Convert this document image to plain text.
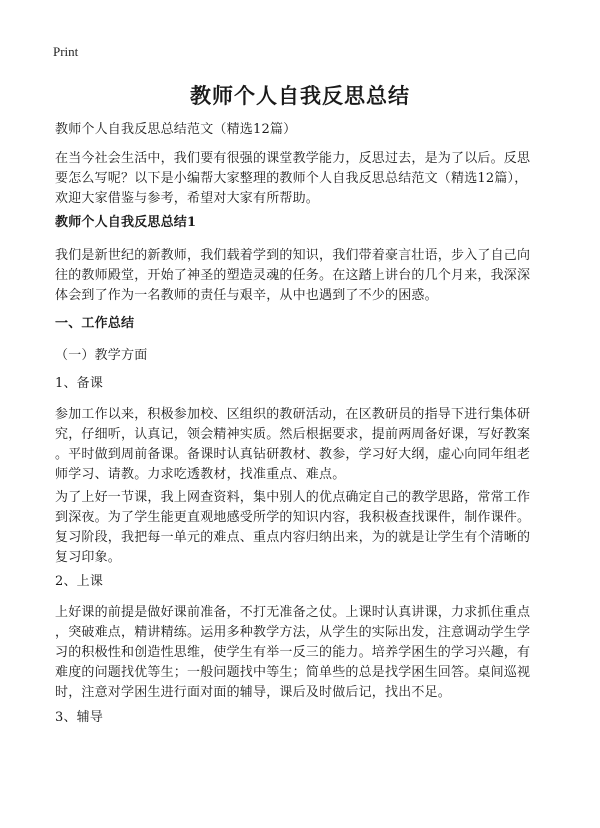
Print
教师个人自我反思总结
教师个人自我反思总结范文（精选12篇）
在当今社会生活中，我们要有很强的课堂教学能力，反思过去，是为了以后。反思
要怎么写呢？以下是小编帮大家整理的教师个人自我反思总结范文（精选12篇），
欢迎大家借鉴与参考，希望对大家有所帮助。
教师个人自我反思总结1
我们是新世纪的新教师，我们载着学到的知识，我们带着豪言壮语，步入了自己向
往的教师殿堂，开始了神圣的塑造灵魂的任务。在这踏上讲台的几个月来，我深深
体会到了作为一名教师的责任与艰辛，从中也遇到了不少的困惑。
一、工作总结
（一）教学方面
1、备课
参加工作以来，积极参加校、区组织的教研活动，在区教研员的指导下进行集体研
究，仔细听，认真记，领会精神实质。然后根据要求，提前两周备好课，写好教案
。平时做到周前备课。备课时认真钻研教材、教参，学习好大纲，虚心向同年组老
师学习、请教。力求吃透教材，找准重点、难点。
为了上好一节课，我上网查资料，集中别人的优点确定自己的教学思路，常常工作
到深夜。为了学生能更直观地感受所学的知识内容，我积极查找课件，制作课件。
复习阶段，我把每一单元的难点、重点内容归纳出来，为的就是让学生有个清晰的
复习印象。
2、上课
上好课的前提是做好课前准备，不打无准备之仗。上课时认真讲课，力求抓住重点
，突破难点，精讲精练。运用多种教学方法，从学生的实际出发，注意调动学生学
习的积极性和创造性思维，使学生有举一反三的能力。培养学困生的学习兴趣，有
难度的问题找优等生；一般问题找中等生；简单些的总是找学困生回答。桌间巡视
时，注意对学困生进行面对面的辅导，课后及时做后记，找出不足。
3、辅导
